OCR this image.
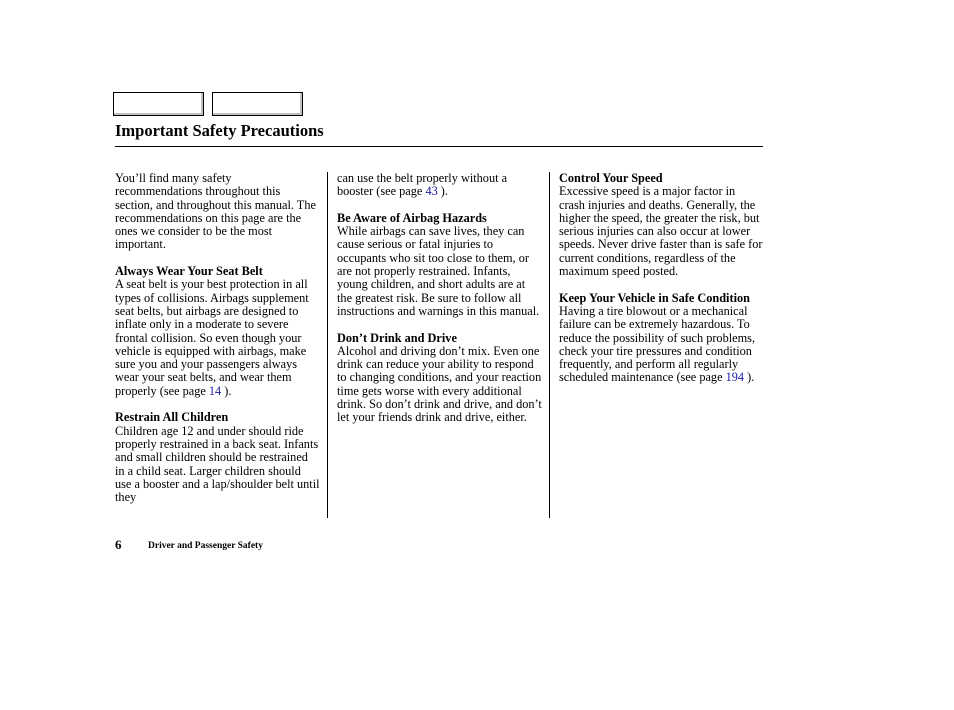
Important Safety Precautions

You’ll find many safety recommendations throughout this section, and throughout this manual. The recommendations on this page are the ones we consider to be the most important.

Always Wear Your Seat Belt
A seat belt is your best protection in all types of collisions. Airbags supplement seat belts, but airbags are designed to inflate only in a moderate to severe frontal collision. So even though your vehicle is equipped with airbags, make sure you and your passengers always wear your seat belts, and wear them properly (see page 14 ).

Restrain All Children
Children age 12 and under should ride properly restrained in a back seat. Infants and small children should be restrained in a child seat. Larger children should use a booster and a lap/shoulder belt until they

can use the belt properly without a booster (see page 43 ).

Be Aware of Airbag Hazards
While airbags can save lives, they can cause serious or fatal injuries to occupants who sit too close to them, or are not properly restrained. Infants, young children, and short adults are at the greatest risk. Be sure to follow all instructions and warnings in this manual.

Don’t Drink and Drive
Alcohol and driving don’t mix. Even one drink can reduce your ability to respond to changing conditions, and your reaction time gets worse with every additional drink. So don’t drink and drive, and don’t let your friends drink and drive, either.

Control Your Speed
Excessive speed is a major factor in crash injuries and deaths. Generally, the higher the speed, the greater the risk, but serious injuries can also occur at lower speeds. Never drive faster than is safe for current conditions, regardless of the maximum speed posted.

Keep Your Vehicle in Safe Condition
Having a tire blowout or a mechanical failure can be extremely hazardous. To reduce the possibility of such problems, check your tire pressures and condition frequently, and perform all regularly scheduled maintenance (see page 194 ).

6	Driver and Passenger Safety
